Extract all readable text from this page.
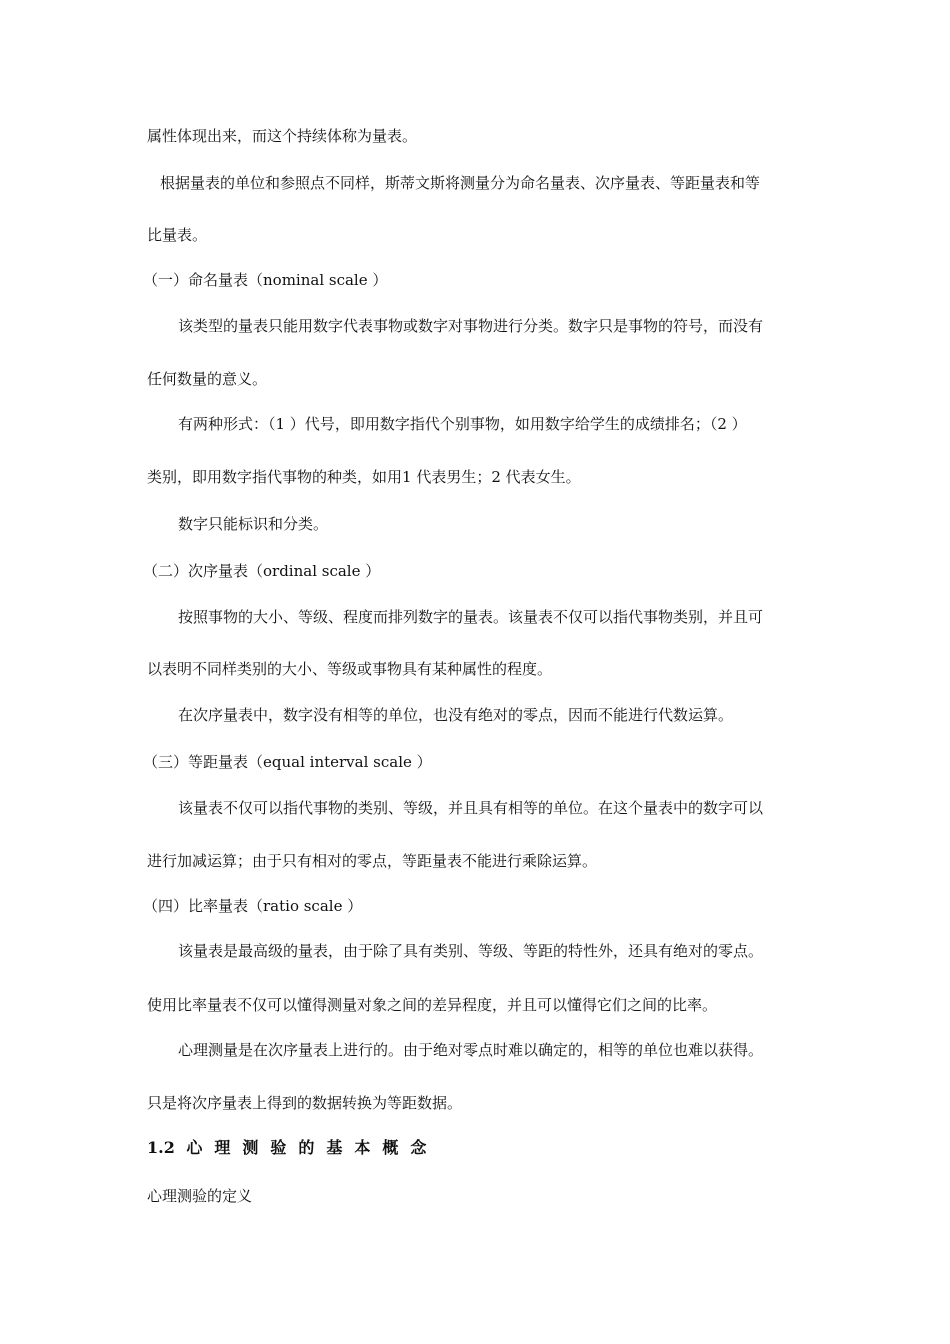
属性体现出来，而这个持续体称为量表。
根据量表的单位和参照点不同样，斯蒂文斯将测量分为命名量表、次序量表、等距量表和等
比量表。
（一）命名量表（nominal scale ）
该类型的量表只能用数字代表事物或数字对事物进行分类。数字只是事物的符号，而没有
任何数量的意义。
有两种形式：（1 ）代号，即用数字指代个别事物，如用数字给学生的成绩排名；（2 ）
类别，即用数字指代事物的种类，如用1 代表男生；2 代表女生。
数字只能标识和分类。
（二）次序量表（ordinal scale ）
按照事物的大小、等级、程度而排列数字的量表。该量表不仅可以指代事物类别，并且可
以表明不同样类别的大小、等级或事物具有某种属性的程度。
在次序量表中，数字没有相等的单位，也没有绝对的零点，因而不能进行代数运算。
（三）等距量表（equal interval scale ）
该量表不仅可以指代事物的类别、等级，并且具有相等的单位。在这个量表中的数字可以
进行加减运算；由于只有相对的零点，等距量表不能进行乘除运算。
（四）比率量表（ratio scale ）
该量表是最高级的量表，由于除了具有类别、等级、等距的特性外，还具有绝对的零点。
使用比率量表不仅可以懂得测量对象之间的差异程度，并且可以懂得它们之间的比率。
心理测量是在次序量表上进行的。由于绝对零点时难以确定的，相等的单位也难以获得。
只是将次序量表上得到的数据转换为等距数据。
1.2 心理测验的基本概念
心理测验的定义
